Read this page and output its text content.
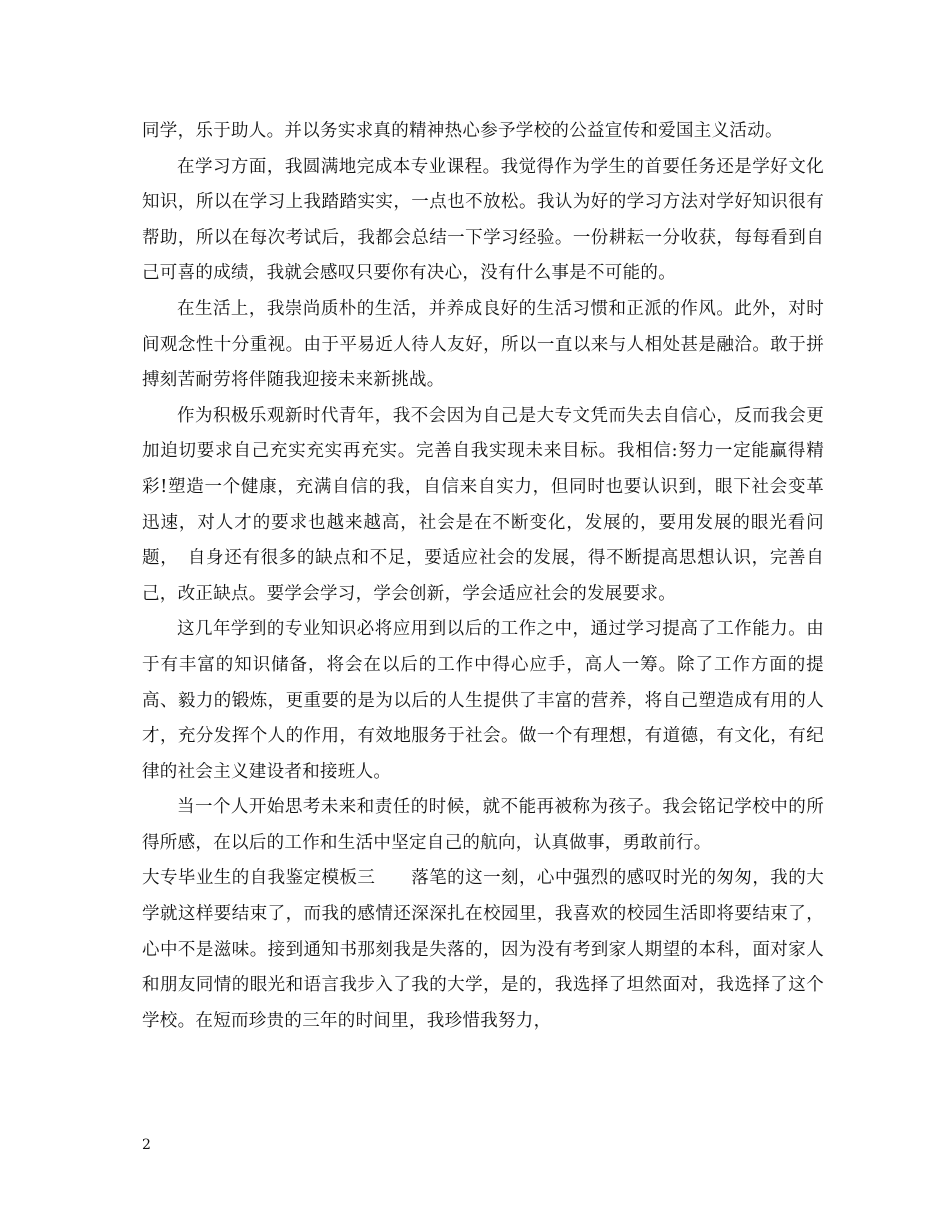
同学，乐于助人。并以务实求真的精神热心参予学校的公益宣传和爱国主义活动。

在学习方面，我圆满地完成本专业课程。我觉得作为学生的首要任务还是学好文化知识，所以在学习上我踏踏实实，一点也不放松。我认为好的学习方法对学好知识很有帮助，所以在每次考试后，我都会总结一下学习经验。一份耕耘一分收获，每每看到自己可喜的成绩，我就会感叹只要你有决心，没有什么事是不可能的。

在生活上，我崇尚质朴的生活，并养成良好的生活习惯和正派的作风。此外，对时间观念性十分重视。由于平易近人待人友好，所以一直以来与人相处甚是融洽。敢于拼搏刻苦耐劳将伴随我迎接未来新挑战。

作为积极乐观新时代青年，我不会因为自己是大专文凭而失去自信心，反而我会更加迫切要求自己充实充实再充实。完善自我实现未来目标。我相信:努力一定能赢得精彩!塑造一个健康，充满自信的我，自信来自实力，但同时也要认识到，眼下社会变革迅速，对人才的要求也越来越高，社会是在不断变化，发展的，要用发展的眼光看问题，　自身还有很多的缺点和不足，要适应社会的发展，得不断提高思想认识，完善自己，改正缺点。要学会学习，学会创新，学会适应社会的发展要求。

这几年学到的专业知识必将应用到以后的工作之中，通过学习提高了工作能力。由于有丰富的知识储备，将会在以后的工作中得心应手，高人一筹。除了工作方面的提高、毅力的锻炼，更重要的是为以后的人生提供了丰富的营养，将自己塑造成有用的人才，充分发挥个人的作用，有效地服务于社会。做一个有理想，有道德，有文化，有纪律的社会主义建设者和接班人。

当一个人开始思考未来和责任的时候，就不能再被称为孩子。我会铭记学校中的所得所感，在以后的工作和生活中坚定自己的航向，认真做事，勇敢前行。

大专毕业生的自我鉴定模板三　　落笔的这一刻，心中强烈的感叹时光的匆匆，我的大学就这样要结束了，而我的感情还深深扎在校园里，我喜欢的校园生活即将要结束了，心中不是滋味。接到通知书那刻我是失落的，因为没有考到家人期望的本科，面对家人和朋友同情的眼光和语言我步入了我的大学，是的，我选择了坦然面对，我选择了这个学校。在短而珍贵的三年的时间里，我珍惜我努力，

2
